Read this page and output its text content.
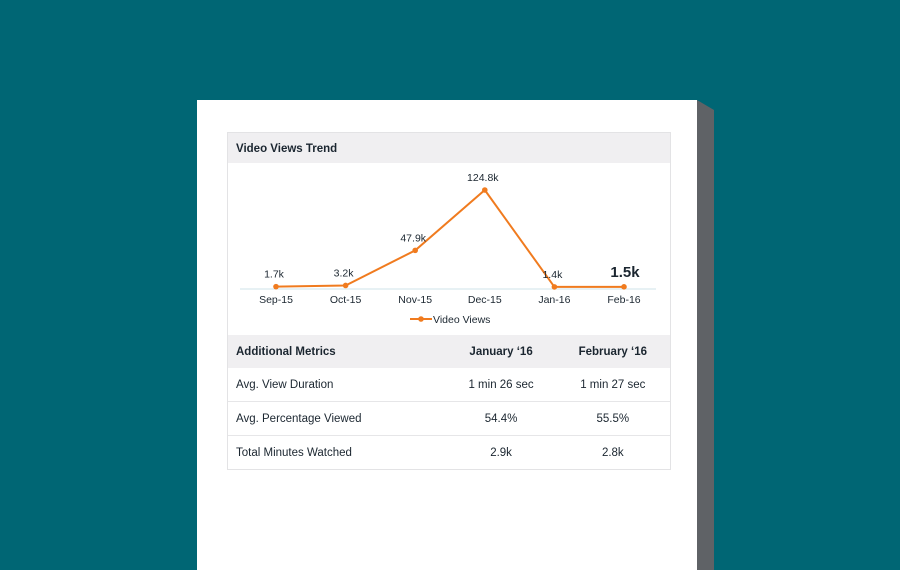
Video Views Trend
1.7k	3.2k
47.9k
124.8k
1.4k	1.5k
Sep-15	Oct-15	Nov-15	Dec-15	Jan-16	Feb-16
Video Views
Additional Metrics	January ‘16	February ‘16
Avg. View Duration	1 min 26 sec	1 min 27 sec
Avg. Percentage Viewed	54.4%	55.5%
Total Minutes Watched	2.9k	2.8k
